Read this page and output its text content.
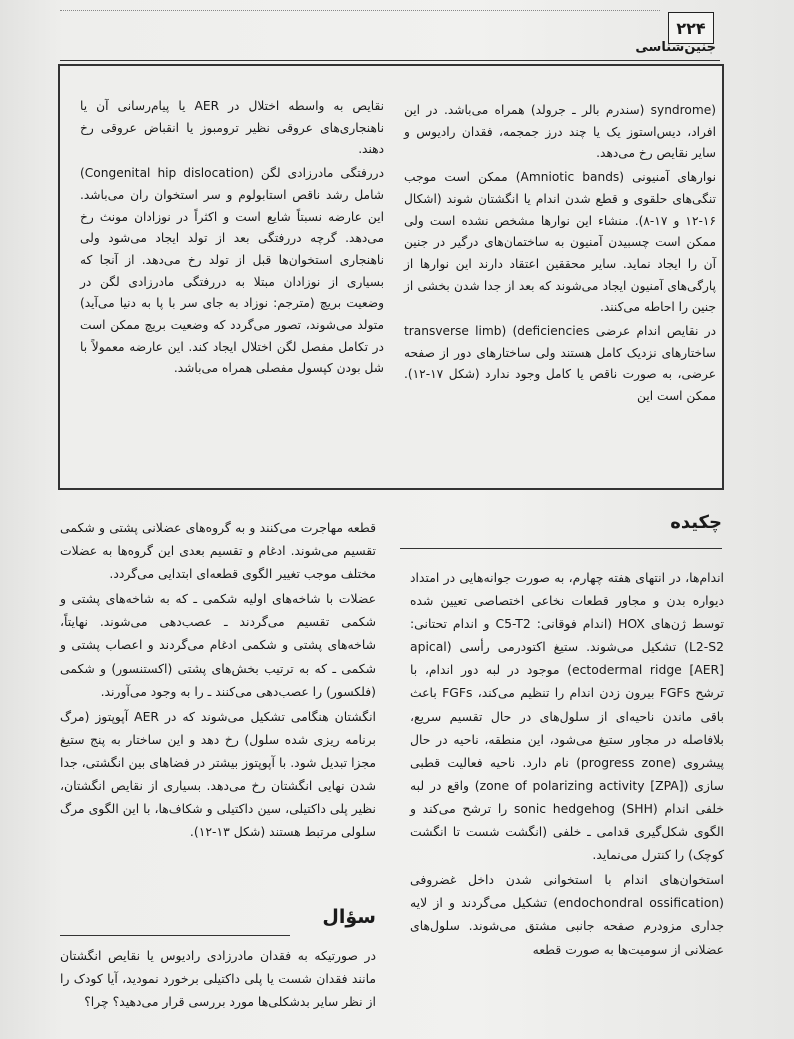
۲۲۴
جنین‌شناسی

(syndrome (سندرم بالر ـ جرولد) همراه می‌باشد. در این افراد، دیس‌استوز یک یا چند درز جمجمه، فقدان رادیوس و سایر نقایص رخ می‌دهد.

نوارهای آمنیونی (Amniotic bands) ممکن است موجب تنگی‌های حلقوی و قطع شدن اندام یا انگشتان شوند (اشکال ۱۶-۱۲ و ۱۷-۸). منشاء این نوارها مشخص نشده است ولی ممکن است چسبیدن آمنیون به ساختمان‌های درگیر در جنین آن را ایجاد نماید. سایر محققین اعتقاد دارند این نوارها از پارگی‌های آمنیون ایجاد می‌شوند که بعد از جدا شدن بخشی از جنین را احاطه می‌کنند.

در نقایص اندام عرضی transverse limb) (deficiencies ساختارهای نزدیک کامل هستند ولی ساختارهای دور از صفحه عرضی، به صورت ناقص یا کامل وجود ندارد (شکل ۱۷-۱۲). ممکن است این

نقایص به واسطه اختلال در AER یا پیام‌رسانی آن یا ناهنجاری‌های عروقی نظیر ترومبوز یا انقباض عروقی رخ دهند.

دررفتگی مادرزادی لگن (Congenital hip dislocation) شامل رشد ناقص استابولوم و سر استخوان ران می‌باشد. این عارضه نسبتاً شایع است و اکثراً در نوزادان مونث رخ می‌دهد. گرچه دررفتگی بعد از تولد ایجاد می‌شود ولی ناهنجاری استخوان‌ها قبل از تولد رخ می‌دهد. از آنجا که بسیاری از نوزادان مبتلا به دررفتگی مادرزادی لگن در وضعیت بریچ (مترجم: نوزاد به جای سر با پا به دنیا می‌آید) متولد می‌شوند، تصور می‌گردد که وضعیت بریچ ممکن است در تکامل مفصل لگن اختلال ایجاد کند. این عارضه معمولاً با شل بودن کپسول مفصلی همراه می‌باشد.

چکیده

اندام‌ها، در انتهای هفته چهارم، به صورت جوانه‌هایی در امتداد دیواره بدن و مجاور قطعات نخاعی اختصاصی تعیین شده توسط ژن‌های HOX (اندام فوقانی: C5-T2 و اندام تحتانی: L2-S2) تشکیل می‌شوند. ستیغ اکتودرمی رأسی (apical ectodermal ridge [AER]) موجود در لبه دور اندام، با ترشح FGFs بیرون زدن اندام را تنظیم می‌کند، FGFs باعث باقی ماندن ناحیه‌ای از سلول‌های در حال تقسیم سریع، بلافاصله در مجاور ستیغ می‌شود، این منطقه، ناحیه در حال پیشروی (progress zone) نام دارد. ناحیه فعالیت قطبی سازی (zone of polarizing activity [ZPA]) واقع در لبه خلفی اندام sonic hedgehog (SHH) را ترشح می‌کند و الگوی شکل‌گیری قدامی ـ خلفی (انگشت شست تا انگشت کوچک) را کنترل می‌نماید.

استخوان‌های اندام با استخوانی شدن داخل غضروفی (endochondral ossification) تشکیل می‌گردند و از لایه جداری مزودرم صفحه جانبی مشتق می‌شوند. سلول‌های عضلانی از سومیت‌ها به صورت قطعه

قطعه مهاجرت می‌کنند و به گروه‌های عضلانی پشتی و شکمی تقسیم می‌شوند. ادغام و تقسیم بعدی این گروه‌ها به عضلات مختلف موجب تغییر الگوی قطعه‌ای ابتدایی می‌گردد.

عضلات با شاخه‌های اولیه شکمی ـ که به شاخه‌های پشتی و شکمی تقسیم می‌گردند ـ عصب‌دهی می‌شوند. نهایتاً، شاخه‌های پشتی و شکمی ادغام می‌گردند و اعصاب پشتی و شکمی ـ که به ترتیب بخش‌های پشتی (اکستنسور) و شکمی (فلکسور) را عصب‌دهی می‌کنند ـ را به وجود می‌آورند.

انگشتان هنگامی تشکیل می‌شوند که در AER آپوپتوز (مرگ برنامه ریزی شده سلول) رخ دهد و این ساختار به پنج ستیغ مجزا تبدیل شود. با آپوپتوز بیشتر در فضاهای بین انگشتی، جدا شدن نهایی انگشتان رخ می‌دهد. بسیاری از نقایص انگشتان، نظیر پلی داکتیلی، سین داکتیلی و شکاف‌ها، با این الگوی مرگ سلولی مرتبط هستند (شکل ۱۳-۱۲).

سؤال

در صورتیکه به فقدان مادرزادی رادیوس یا نقایص انگشتان مانند فقدان شست یا پلی داکتیلی برخورد نمودید، آیا کودک را از نظر سایر بدشکلی‌ها مورد بررسی قرار می‌دهید؟ چرا؟
